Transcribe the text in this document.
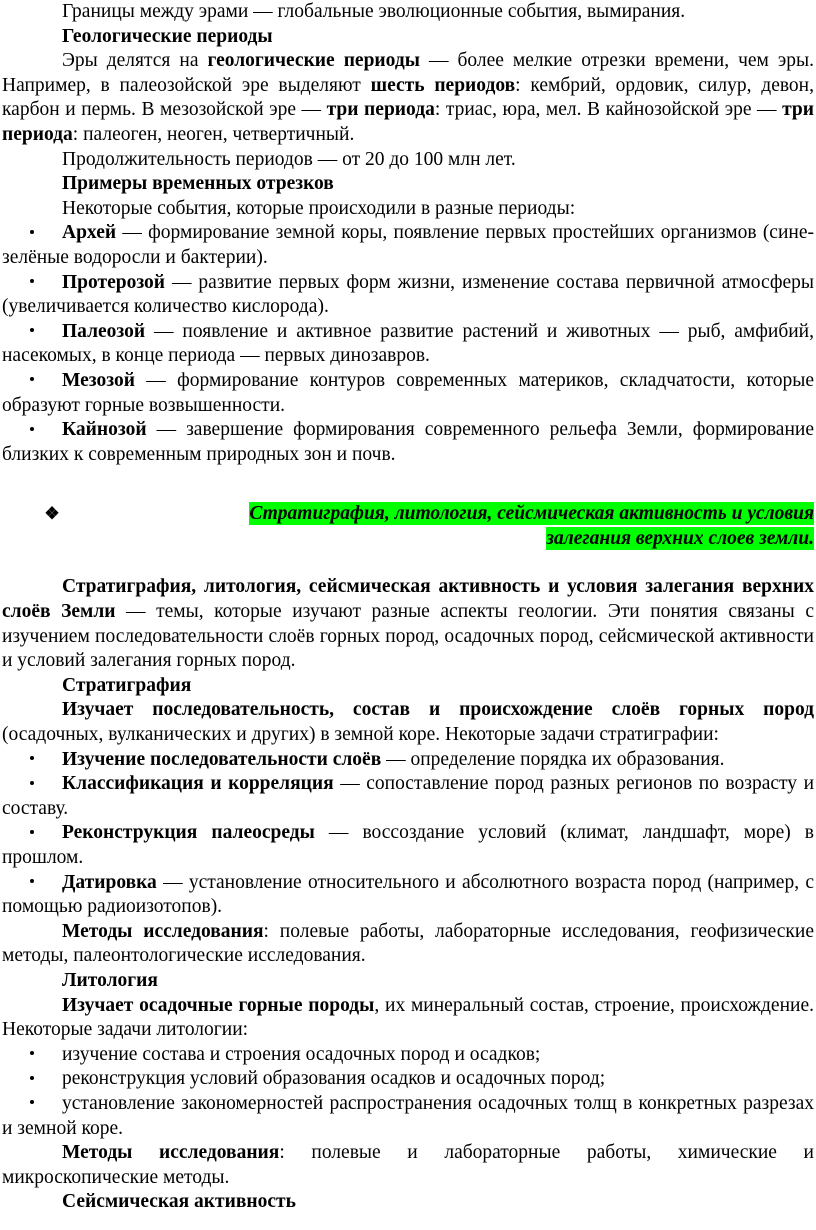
Границы между эрами — глобальные эволюционные события, вымирания.

Геологические периоды

Эры делятся на геологические периоды — более мелкие отрезки времени, чем эры. Например, в палеозойской эре выделяют шесть периодов: кембрий, ордовик, силур, девон, карбон и пермь. В мезозойской эре — три периода: триас, юра, мел. В кайнозойской эре — три периода: палеоген, неоген, четвертичный.

Продолжительность периодов — от 20 до 100 млн лет.

Примеры временных отрезков

Некоторые события, которые происходили в разные периоды:

Архей — формирование земной коры, появление первых простейших организмов (сине-зелёные водоросли и бактерии).

Протерозой — развитие первых форм жизни, изменение состава первичной атмосферы (увеличивается количество кислорода).

Палеозой — появление и активное развитие растений и животных — рыб, амфибий, насекомых, в конце периода — первых динозавров.

Мезозой — формирование контуров современных материков, складчатости, которые образуют горные возвышенности.

Кайнозой — завершение формирования современного рельефа Земли, формирование близких к современным природных зон и почв.

❖	Стратиграфия, литология, сейсмическая активность и условия
залегания верхних слоев земли.

Стратиграфия, литология, сейсмическая активность и условия залегания верхних слоёв Земли — темы, которые изучают разные аспекты геологии. Эти понятия связаны с изучением последовательности слоёв горных пород, осадочных пород, сейсмической активности и условий залегания горных пород.

Стратиграфия

Изучает последовательность, состав и происхождение слоёв горных пород (осадочных, вулканических и других) в земной коре. Некоторые задачи стратиграфии:

Изучение последовательности слоёв — определение порядка их образования.

Классификация и корреляция — сопоставление пород разных регионов по возрасту и составу.

Реконструкция палеосреды — воссоздание условий (климат, ландшафт, море) в прошлом.

Датировка — установление относительного и абсолютного возраста пород (например, с помощью радиоизотопов).

Методы исследования: полевые работы, лабораторные исследования, геофизические методы, палеонтологические исследования.

Литология

Изучает осадочные горные породы, их минеральный состав, строение, происхождение. Некоторые задачи литологии:

изучение состава и строения осадочных пород и осадков;

реконструкция условий образования осадков и осадочных пород;

установление закономерностей распространения осадочных толщ в конкретных разрезах и земной коре.

Методы исследования: полевые и лабораторные работы, химические и микроскопические методы.

Сейсмическая активность
